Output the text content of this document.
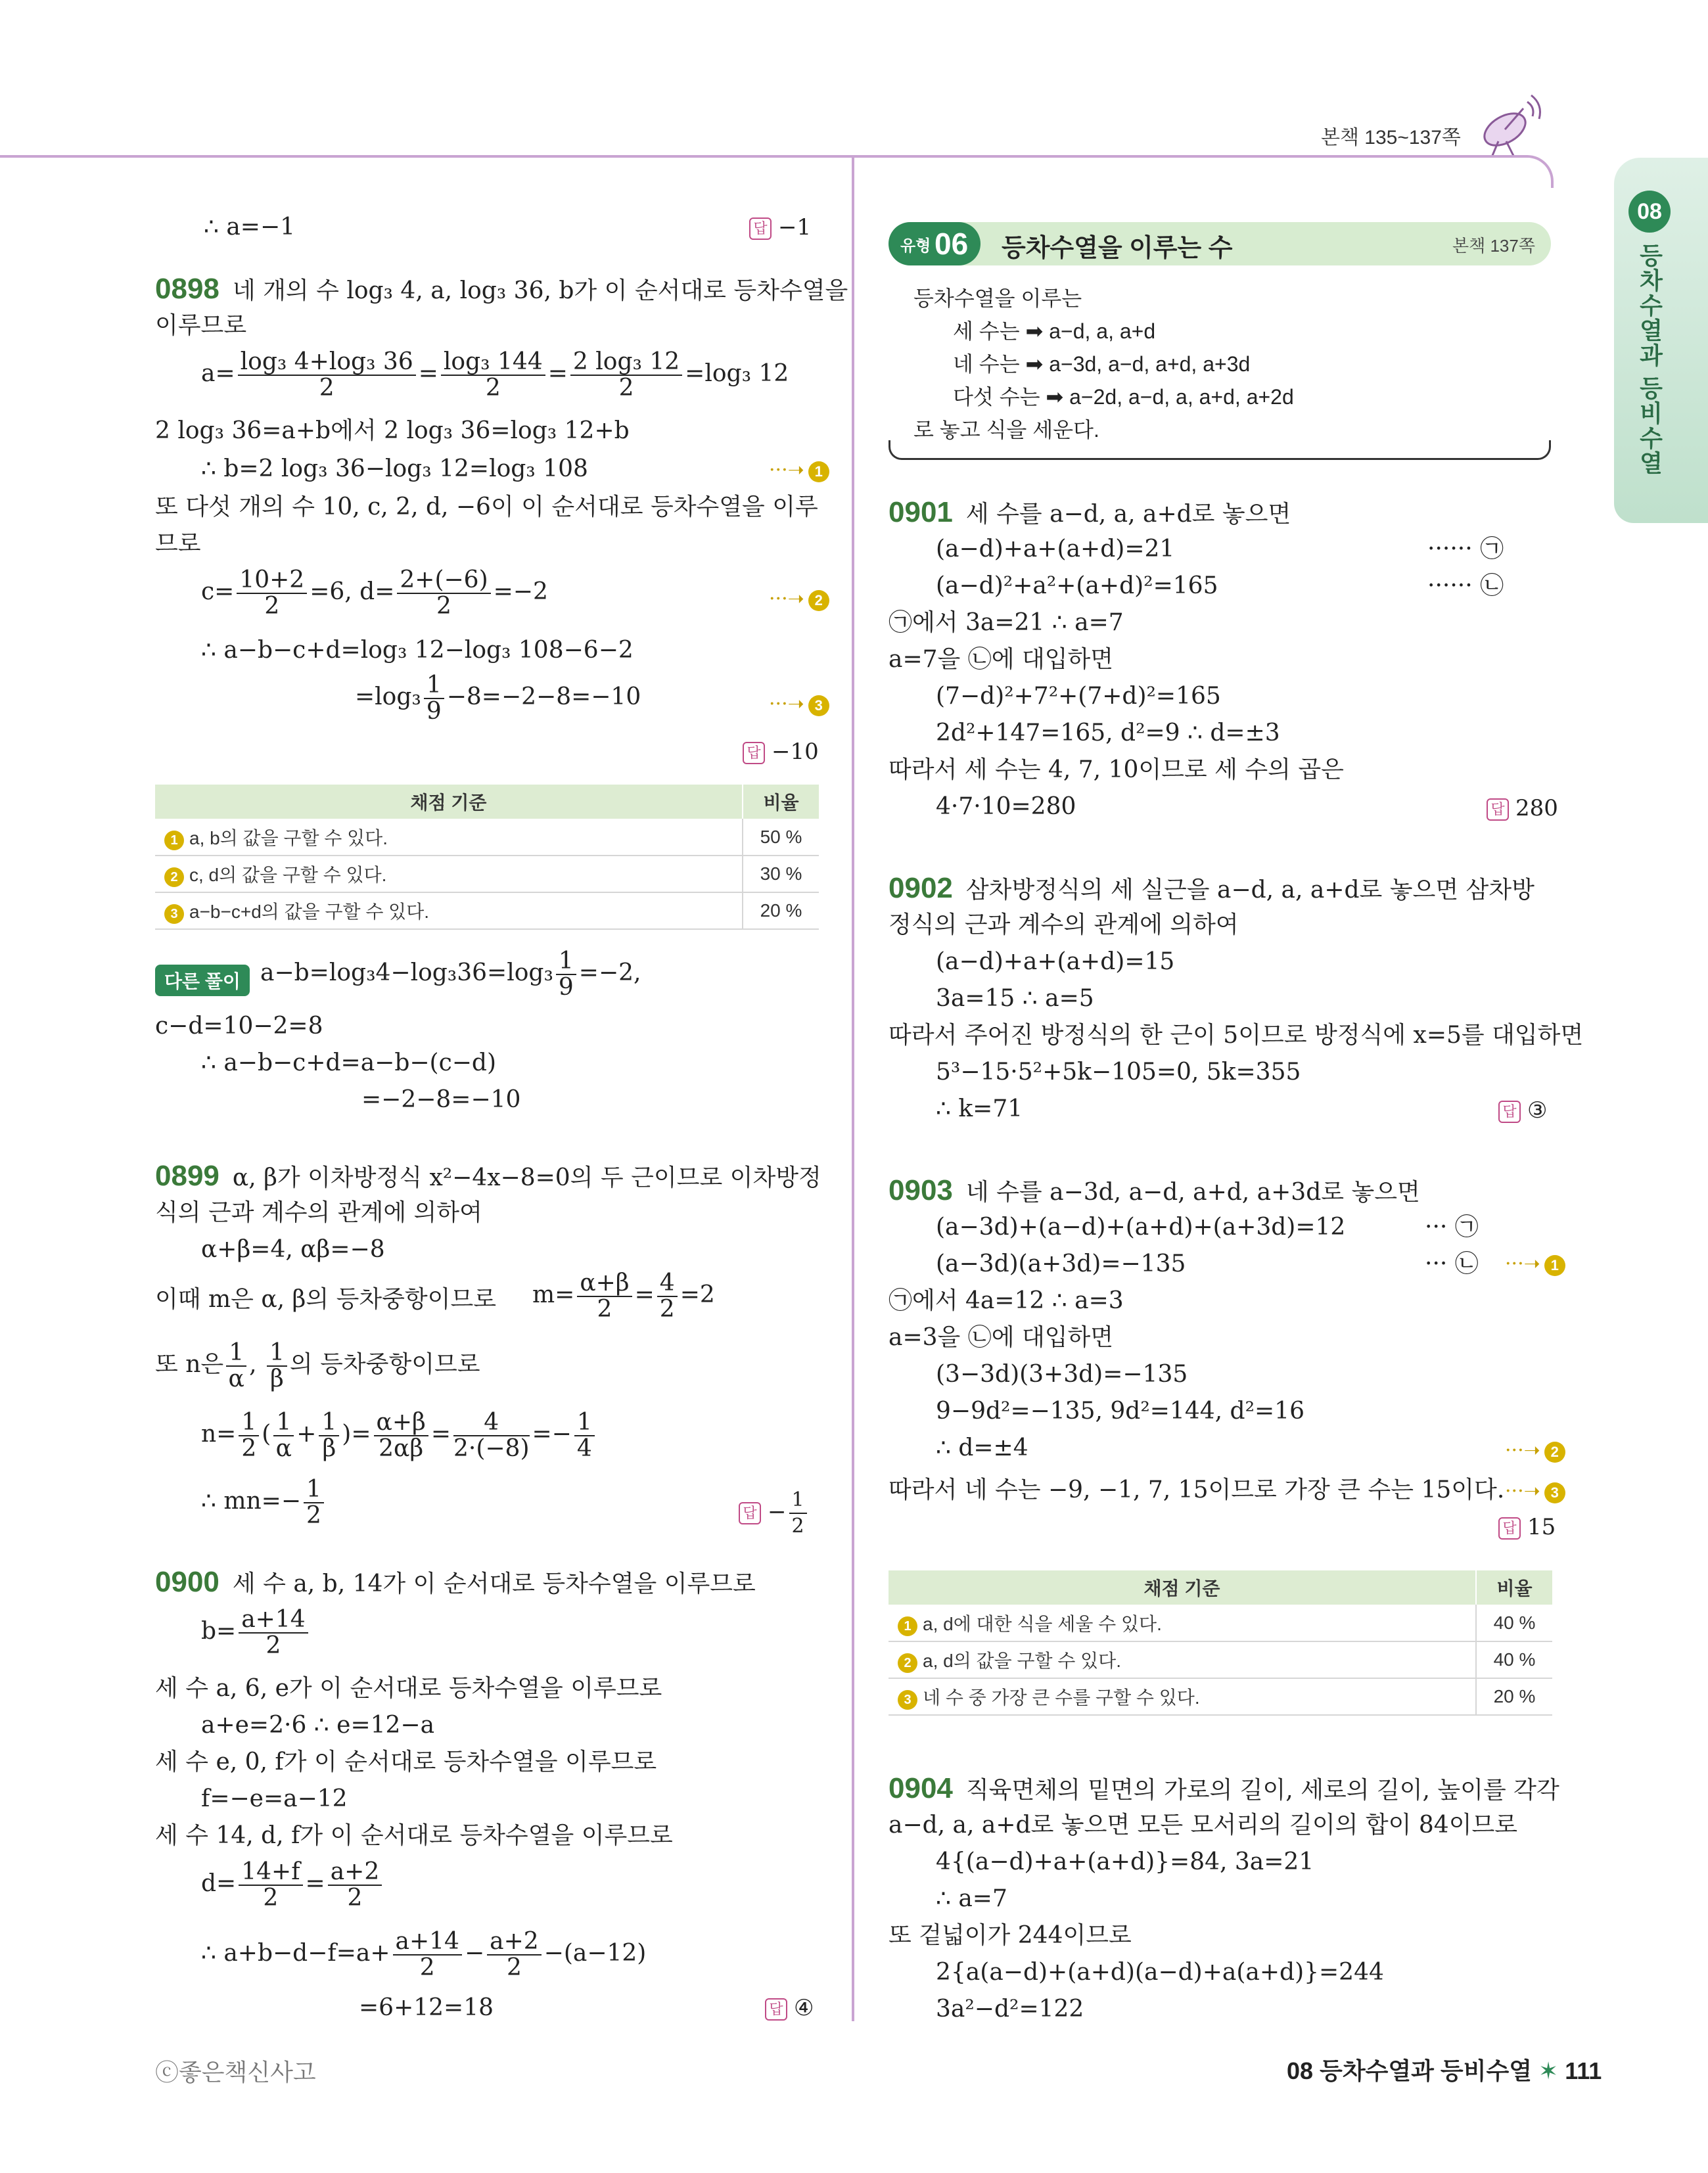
본책 135~137쪽
08
등차수열과 등비수열
∴ a=−1	답 −1
0898 네 개의 수 log₃ 4, a, log₃ 36, b가 이 순서대로 등차수열을
이루므로
$a= \frac{\text{log₃ 4+log₃ 36}}{2} = \frac{\text{log₃ 144}}{2} = \frac{\text{2 log₃ 12}}{2} =\log_3$ 12
2 log₃ 36=a+b에서 2 log₃ 36=log₃ 12+b
∴ b=2 log₃ 36−log₃ 12=log₃ 108	···➝ 1
또 다섯 개의 수 10, c, 2, d, −6이 이 순서대로 등차수열을 이루
므로
$c= \frac{10+2}{2} =6$, $d= \frac{2+(-6)}{2} =-2$	···➝ 2
∴ a−b−c+d=log₃ 12−log₃ 108−6−2
$=\log_3 \frac{1}{9} -8=-2-8=-10$	···➝ 3
답 −10
채점 기준	비율
1 a, b의 값을 구할 수 있다.	50 %
2 c, d의 값을 구할 수 있다.	30 %
3 a−b−c+d의 값을 구할 수 있다.	20 %
다른 풀이 $a-b=\log_34-\log_336=\log_3 \frac{1}{9} =-2$,
c−d=10−2=8
∴ a−b−c+d=a−b−(c−d)
=−2−8=−10
0899 α, β가 이차방정식 x²−4x−8=0의 두 근이므로 이차방정
식의 근과 계수의 관계에 의하여
α+β=4, αβ=−8
이때 m은 α, β의 등차중항이므로 $m= \frac{\alpha+\beta}{2} = \frac{4}{2} =2$
또 n은 $\frac{1}{\alpha}$ , $\frac{1}{\beta}$ 의 등차중항이므로
$n= \frac{1}{2}$ ( $\frac{1}{\alpha} + \frac{1}{\beta}$ )= $\frac{\alpha+\beta}{2\alpha\beta} = \frac{4}{2\cdot(-8)} =- \frac{1}{4}$
∴ $mn=- \frac{1}{2}$	답 − $\frac{1}{2}$
0900 세 수 a, b, 14가 이 순서대로 등차수열을 이루므로
$b= \frac{a+14}{2}$
세 수 a, 6, e가 이 순서대로 등차수열을 이루므로
a+e=2·6 ∴ e=12−a
세 수 e, 0, f가 이 순서대로 등차수열을 이루므로
f=−e=a−12
세 수 14, d, f가 이 순서대로 등차수열을 이루므로
$d= \frac{14+f}{2} = \frac{a+2}{2}$
∴ $a+b-d-f=a+ \frac{a+14}{2} - \frac{a+2}{2} -(a-12)$
=6+12=18	답 ④
유형 06 등차수열을 이루는 수	본책 137쪽
등차수열을 이루는
세 수는 ➡ a−d, a, a+d
네 수는 ➡ a−3d, a−d, a+d, a+3d
다섯 수는 ➡ a−2d, a−d, a, a+d, a+2d
로 놓고 식을 세운다.
0901 세 수를 a−d, a, a+d로 놓으면
(a−d)+a+(a+d)=21	······ ㉠
(a−d)²+a²+(a+d)²=165	······ ㉡
㉠에서 3a=21 ∴ a=7
a=7을 ㉡에 대입하면
(7−d)²+7²+(7+d)²=165
2d²+147=165, d²=9 ∴ d=±3
따라서 세 수는 4, 7, 10이므로 세 수의 곱은
4·7·10=280	답 280
0902 삼차방정식의 세 실근을 a−d, a, a+d로 놓으면 삼차방
정식의 근과 계수의 관계에 의하여
(a−d)+a+(a+d)=15
3a=15 ∴ a=5
따라서 주어진 방정식의 한 근이 5이므로 방정식에 x=5를 대입하면
5³−15·5²+5k−105=0, 5k=355
∴ k=71	답 ③
0903 네 수를 a−3d, a−d, a+d, a+3d로 놓으면
(a−3d)+(a−d)+(a+d)+(a+3d)=12	··· ㉠
(a−3d)(a+3d)=−135	··· ㉡ ···➝ 1
㉠에서 4a=12 ∴ a=3
a=3을 ㉡에 대입하면
(3−3d)(3+3d)=−135
9−9d²=−135, 9d²=144, d²=16
∴ d=±4	···➝ 2
따라서 네 수는 −9, −1, 7, 15이므로 가장 큰 수는 15이다. ···➝ 3
답 15
채점 기준	비율
1 a, d에 대한 식을 세울 수 있다.	40 %
2 a, d의 값을 구할 수 있다.	40 %
3 네 수 중 가장 큰 수를 구할 수 있다.	20 %
0904 직육면체의 밑면의 가로의 길이, 세로의 길이, 높이를 각각
a−d, a, a+d로 놓으면 모든 모서리의 길이의 합이 84이므로
4{(a−d)+a+(a+d)}=84, 3a=21
∴ a=7
또 겉넓이가 244이므로
2{a(a−d)+(a+d)(a−d)+a(a+d)}=244
3a²−d²=122
ⓒ좋은책신사고	08 등차수열과 등비수열 ✶ 111
